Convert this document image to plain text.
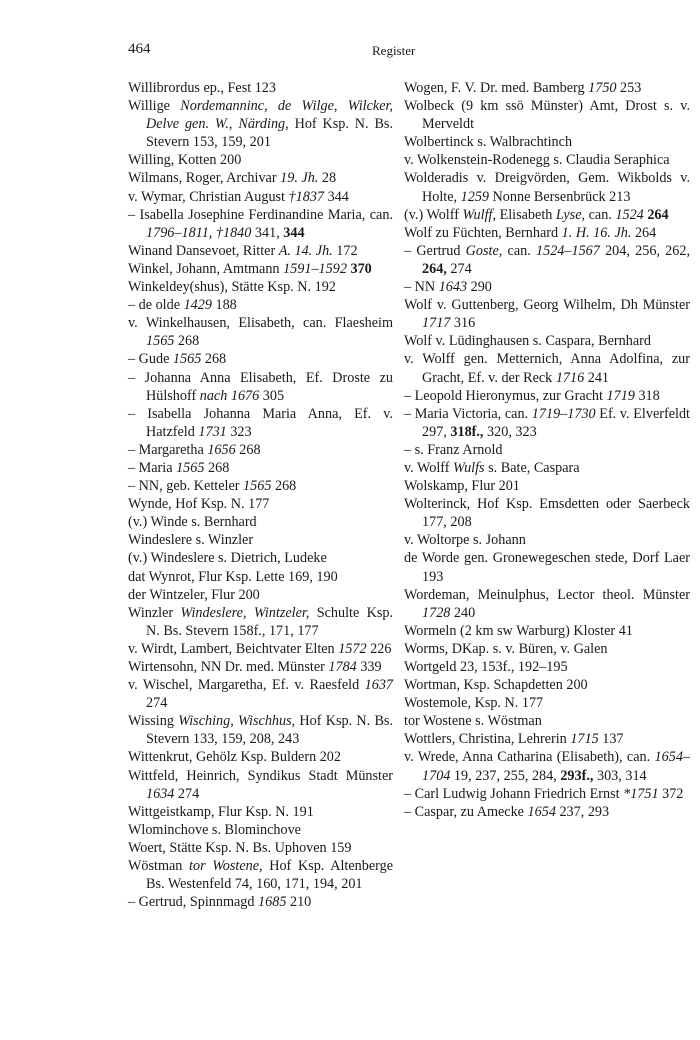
464	Register

Willibrordus ep., Fest 123

Willige Nordemanninc, de Wilge, Wilcker, Delve gen. W., Närding, Hof Ksp. N. Bs. Stevern 153, 159, 201

Willing, Kotten 200

Wilmans, Roger, Archivar 19. Jh. 28

v. Wymar, Christian August †1837 344

– Isabella Josephine Ferdinandine Maria, can. 1796–1811, †1840 341, 344

Winand Dansevoet, Ritter A. 14. Jh. 172

Winkel, Johann, Amtmann 1591–1592 370

Winkeldey(shus), Stätte Ksp. N. 192

– de olde 1429 188

v. Winkelhausen, Elisabeth, can. Flaesheim 1565 268

– Gude 1565 268

– Johanna Anna Elisabeth, Ef. Droste zu Hülshoff nach 1676 305

– Isabella Johanna Maria Anna, Ef. v. Hatzfeld 1731 323

– Margaretha 1656 268

– Maria 1565 268

– NN, geb. Ketteler 1565 268

Wynde, Hof Ksp. N. 177

(v.) Winde s. Bernhard

Windeslere s. Winzler

(v.) Windeslere s. Dietrich, Ludeke

dat Wynrot, Flur Ksp. Lette 169, 190

der Wintzeler, Flur 200

Winzler Windeslere, Wintzeler, Schulte Ksp. N. Bs. Stevern 158f., 171, 177

v. Wirdt, Lambert, Beichtvater Elten 1572 226

Wirtensohn, NN Dr. med. Münster 1784 339

v. Wischel, Margaretha, Ef. v. Raesfeld 1637 274

Wissing Wisching, Wischhus, Hof Ksp. N. Bs. Stevern 133, 159, 208, 243

Wittenkrut, Gehölz Ksp. Buldern 202

Wittfeld, Heinrich, Syndikus Stadt Münster 1634 274

Wittgeistkamp, Flur Ksp. N. 191

Wlominchove s. Blominchove

Woert, Stätte Ksp. N. Bs. Uphoven 159

Wöstman tor Wostene, Hof Ksp. Altenberge Bs. Westenfeld 74, 160, 171, 194, 201

– Gertrud, Spinnmagd 1685 210

Wogen, F. V. Dr. med. Bamberg 1750 253

Wolbeck (9 km ssö Münster) Amt, Drost s. v. Merveldt

Wolbertinck s. Walbrachtinch

v. Wolkenstein-Rodenegg s. Claudia Seraphica

Wolderadis v. Dreigvörden, Gem. Wikbolds v. Holte, 1259 Nonne Bersenbrück 213

(v.) Wolff Wulff, Elisabeth Lyse, can. 1524 264

Wolf zu Füchten, Bernhard 1. H. 16. Jh. 264

– Gertrud Goste, can. 1524–1567 204, 256, 262, 264, 274

– NN 1643 290

Wolf v. Guttenberg, Georg Wilhelm, Dh Münster 1717 316

Wolf v. Lüdinghausen s. Caspara, Bernhard

v. Wolff gen. Metternich, Anna Adolfina, zur Gracht, Ef. v. der Reck 1716 241

– Leopold Hieronymus, zur Gracht 1719 318

– Maria Victoria, can. 1719–1730 Ef. v. Elverfeldt 297, 318f., 320, 323

– s. Franz Arnold

v. Wolff Wulfs s. Bate, Caspara

Wolskamp, Flur 201

Wolterinck, Hof Ksp. Emsdetten oder Saerbeck 177, 208

v. Woltorpe s. Johann

de Worde gen. Gronewegeschen stede, Dorf Laer 193

Wordeman, Meinulphus, Lector theol. Münster 1728 240

Wormeln (2 km sw Warburg) Kloster 41

Worms, DKap. s. v. Büren, v. Galen

Wortgeld 23, 153f., 192–195

Wortman, Ksp. Schapdetten 200

Wostemole, Ksp. N. 177

tor Wostene s. Wöstman

Wottlers, Christina, Lehrerin 1715 137

v. Wrede, Anna Catharina (Elisabeth), can. 1654–1704 19, 237, 255, 284, 293f., 303, 314

– Carl Ludwig Johann Friedrich Ernst *1751 372

– Caspar, zu Amecke 1654 237, 293
